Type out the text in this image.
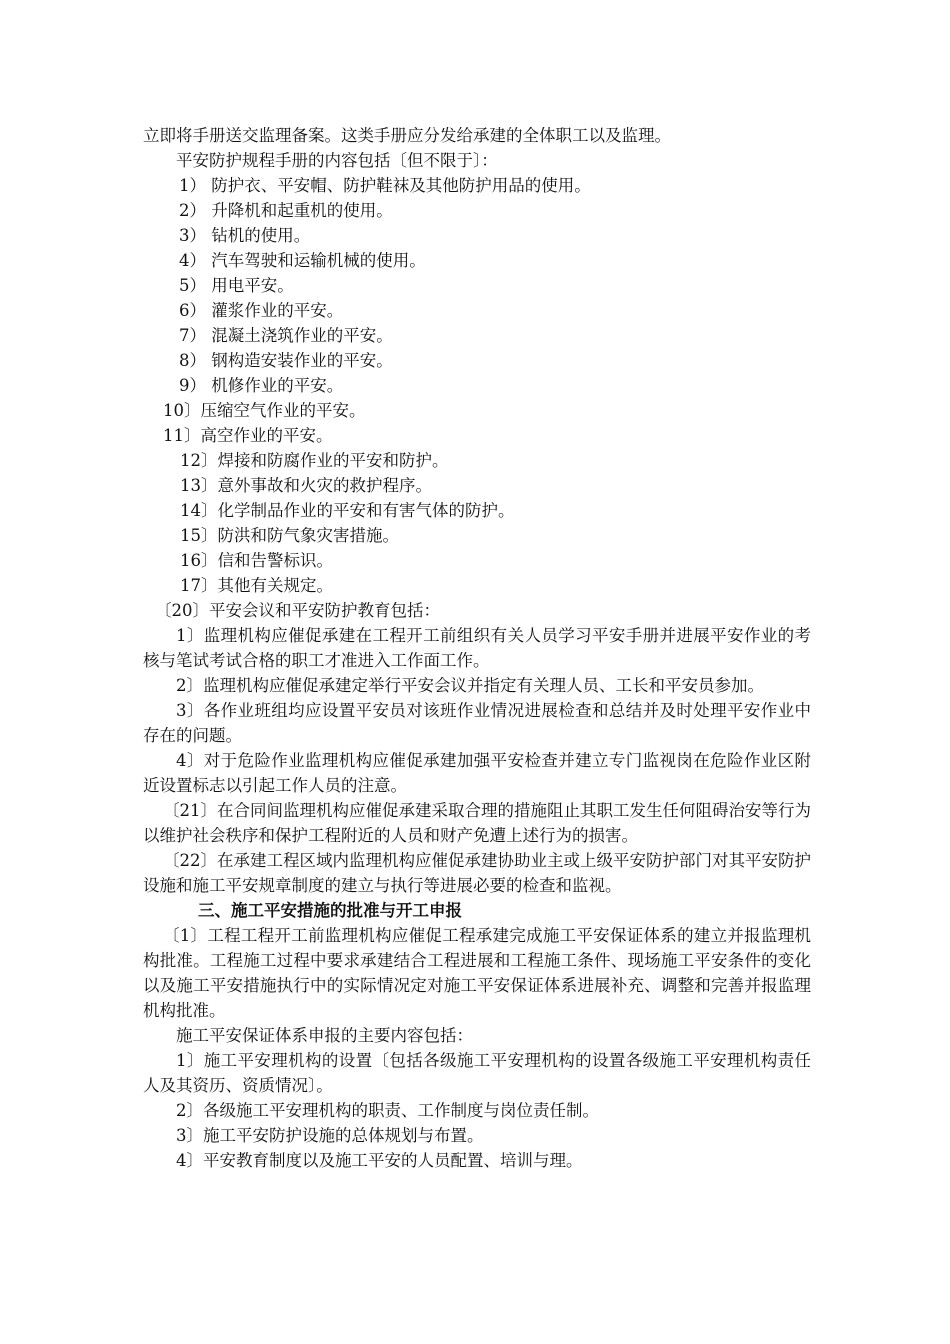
立即将手册送交监理备案。这类手册应分发给承建的全体职工以及监理。
平安防护规程手册的内容包括〔但不限于〕：
1） 防护衣、平安帽、防护鞋袜及其他防护用品的使用。
2） 升降机和起重机的使用。
3） 钻机的使用。
4） 汽车驾驶和运输机械的使用。
5） 用电平安。
6） 灌浆作业的平安。
7） 混凝土浇筑作业的平安。
8） 钢构造安装作业的平安。
9） 机修作业的平安。
10〕压缩空气作业的平安。
11〕高空作业的平安。
12〕焊接和防腐作业的平安和防护。
13〕意外事故和火灾的救护程序。
14〕化学制品作业的平安和有害气体的防护。
15〕防洪和防气象灾害措施。
16〕信和告警标识。
17〕其他有关规定。
〔20〕平安会议和平安防护教育包括：
1〕监理机构应催促承建在工程开工前组织有关人员学习平安手册并进展平安作业的考核与笔试考试合格的职工才准进入工作面工作。
2〕监理机构应催促承建定举行平安会议并指定有关理人员、工长和平安员参加。
3〕各作业班组均应设置平安员对该班作业情况进展检查和总结并及时处理平安作业中存在的问题。
4〕对于危险作业监理机构应催促承建加强平安检查并建立专门监视岗在危险作业区附近设置标志以引起工作人员的注意。
〔21〕在合同间监理机构应催促承建采取合理的措施阻止其职工发生任何阻碍治安等行为以维护社会秩序和保护工程附近的人员和财产免遭上述行为的损害。
〔22〕在承建工程区域内监理机构应催促承建协助业主或上级平安防护部门对其平安防护设施和施工平安规章制度的建立与执行等进展必要的检查和监视。
三、施工平安措施的批准与开工申报
〔1〕工程工程开工前监理机构应催促工程承建完成施工平安保证体系的建立并报监理机构批准。工程施工过程中要求承建结合工程进展和工程施工条件、现场施工平安条件的变化以及施工平安措施执行中的实际情况定对施工平安保证体系进展补充、调整和完善并报监理机构批准。
施工平安保证体系申报的主要内容包括：
1〕施工平安理机构的设置〔包括各级施工平安理机构的设置各级施工平安理机构责任人及其资历、资质情况〕。
2〕各级施工平安理机构的职责、工作制度与岗位责任制。
3〕施工平安防护设施的总体规划与布置。
4〕平安教育制度以及施工平安的人员配置、培训与理。
